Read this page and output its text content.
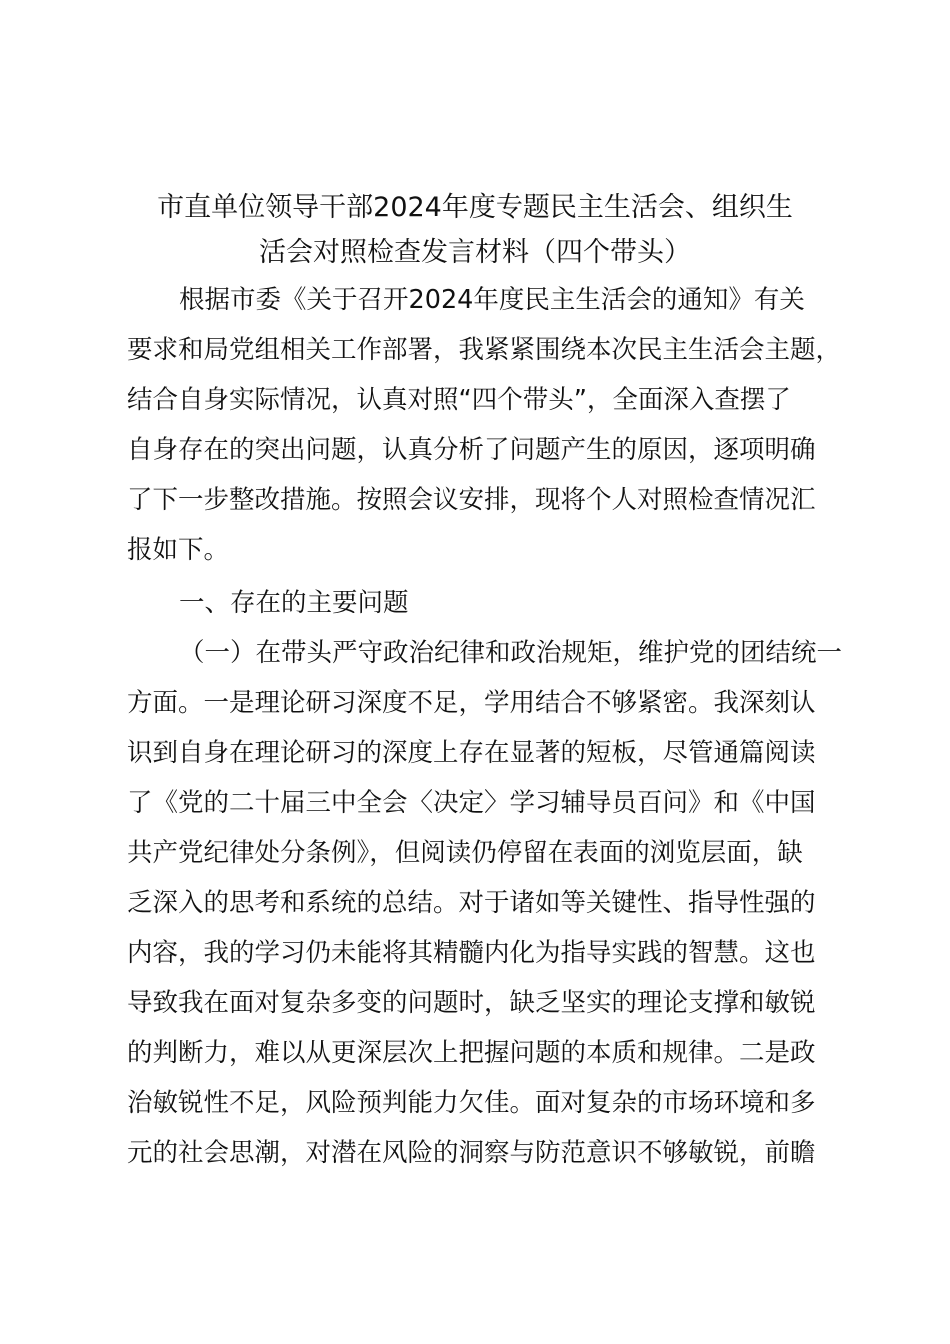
市直单位领导干部2024年度专题民主生活会、组织生
活会对照检查发言材料（四个带头）
根据市委《关于召开2024年度民主生活会的通知》有关
要求和局党组相关工作部署，我紧紧围绕本次民主生活会主题，
结合自身实际情况，认真对照“四个带头”，全面深入查摆了
自身存在的突出问题，认真分析了问题产生的原因，逐项明确
了下一步整改措施。按照会议安排，现将个人对照检查情况汇
报如下。
一、存在的主要问题
（一）在带头严守政治纪律和政治规矩，维护党的团结统一
方面。一是理论研习深度不足，学用结合不够紧密。我深刻认
识到自身在理论研习的深度上存在显著的短板，尽管通篇阅读
了《党的二十届三中全会〈决定〉学习辅导员百问》和《中国
共产党纪律处分条例》，但阅读仍停留在表面的浏览层面，缺
乏深入的思考和系统的总结。对于诸如等关键性、指导性强的
内容，我的学习仍未能将其精髓内化为指导实践的智慧。这也
导致我在面对复杂多变的问题时，缺乏坚实的理论支撑和敏锐
的判断力，难以从更深层次上把握问题的本质和规律。二是政
治敏锐性不足，风险预判能力欠佳。面对复杂的市场环境和多
元的社会思潮，对潜在风险的洞察与防范意识不够敏锐，前瞻
